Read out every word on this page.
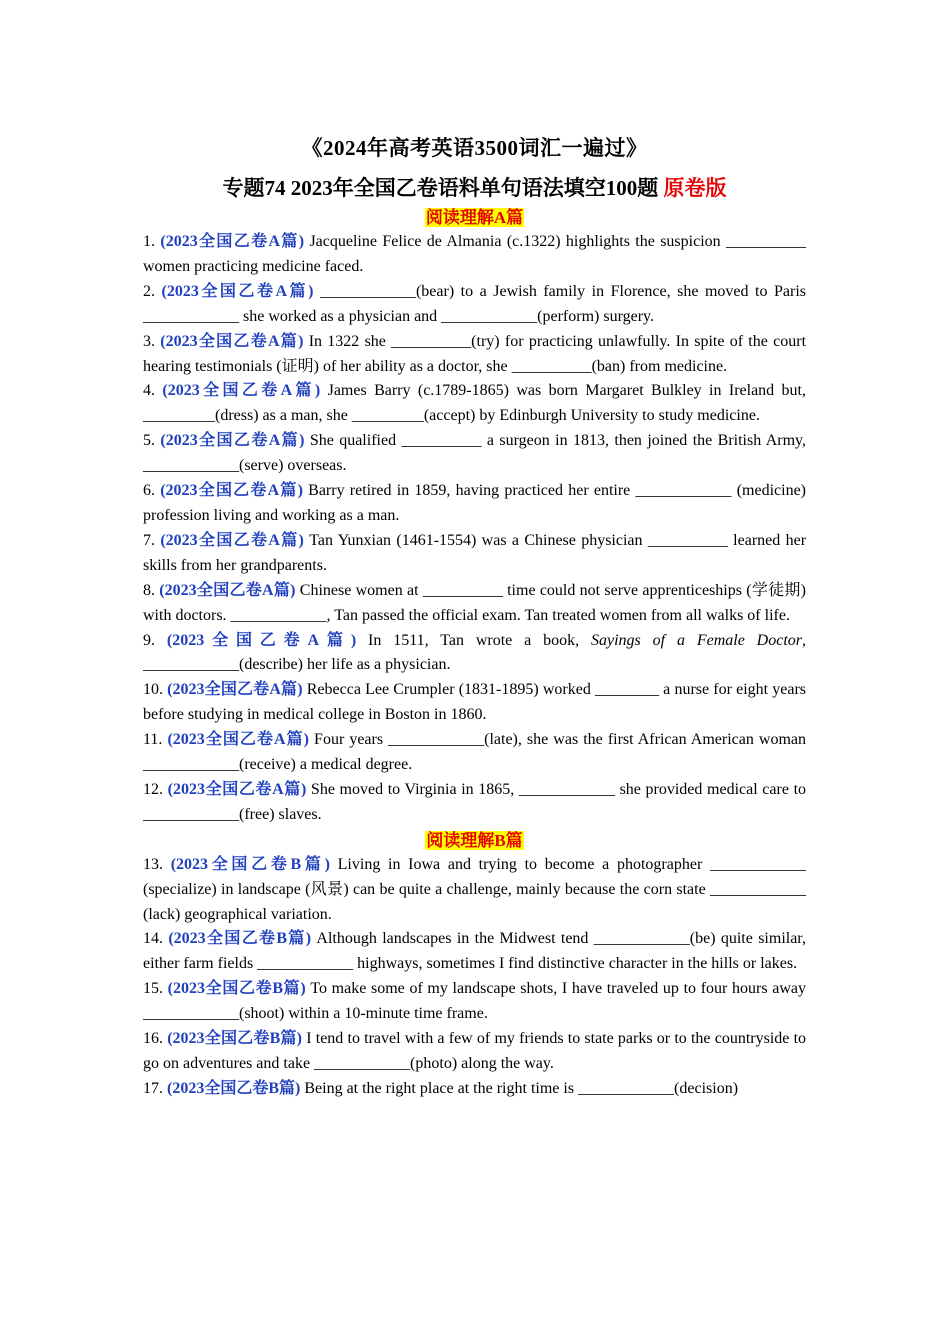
《2024年高考英语3500词汇一遍过》

专题74 2023年全国乙卷语料单句语法填空100题 原卷版

阅读理解A篇

1. (2023全国乙卷A篇) Jacqueline Felice de Almania (c.1322) highlights the suspicion __________ women practicing medicine faced.

2. (2023全国乙卷A篇) ____________(bear) to a Jewish family in Florence, she moved to Paris ____________ she worked as a physician and ____________(perform) surgery.

3. (2023全国乙卷A篇) In 1322 she __________(try) for practicing unlawfully. In spite of the court hearing testimonials (证明) of her ability as a doctor, she __________(ban) from medicine.

4. (2023全国乙卷A篇) James Barry (c.1789-1865) was born Margaret Bulkley in Ireland but, _________(dress) as a man, she _________(accept) by Edinburgh University to study medicine.

5. (2023全国乙卷A篇) She qualified __________ a surgeon in 1813, then joined the British Army, ____________(serve) overseas.

6. (2023全国乙卷A篇) Barry retired in 1859, having practiced her entire ____________ (medicine) profession living and working as a man.

7. (2023全国乙卷A篇) Tan Yunxian (1461-1554) was a Chinese physician __________ learned her skills from her grandparents.

8. (2023全国乙卷A篇) Chinese women at __________ time could not serve apprenticeships (学徒期) with doctors. ____________, Tan passed the official exam. Tan treated women from all walks of life.

9. (2023全国乙卷A篇) In 1511, Tan wrote a book, Sayings of a Female Doctor, ____________(describe) her life as a physician.

10. (2023全国乙卷A篇) Rebecca Lee Crumpler (1831-1895) worked ________ a nurse for eight years before studying in medical college in Boston in 1860.

11. (2023全国乙卷A篇) Four years ____________(late), she was the first African American woman ____________(receive) a medical degree.

12. (2023全国乙卷A篇) She moved to Virginia in 1865, ____________ she provided medical care to ____________(free) slaves.

阅读理解B篇

13. (2023全国乙卷B篇) Living in Iowa and trying to become a photographer ____________ (specialize) in landscape (风景) can be quite a challenge, mainly because the corn state ____________ (lack) geographical variation.

14. (2023全国乙卷B篇) Although landscapes in the Midwest tend ____________(be) quite similar, either farm fields ____________ highways, sometimes I find distinctive character in the hills or lakes.

15. (2023全国乙卷B篇) To make some of my landscape shots, I have traveled up to four hours away ____________(shoot) within a 10-minute time frame.

16. (2023全国乙卷B篇) I tend to travel with a few of my friends to state parks or to the countryside to go on adventures and take ____________(photo) along the way.

17. (2023全国乙卷B篇) Being at the right place at the right time is ____________(decision)
